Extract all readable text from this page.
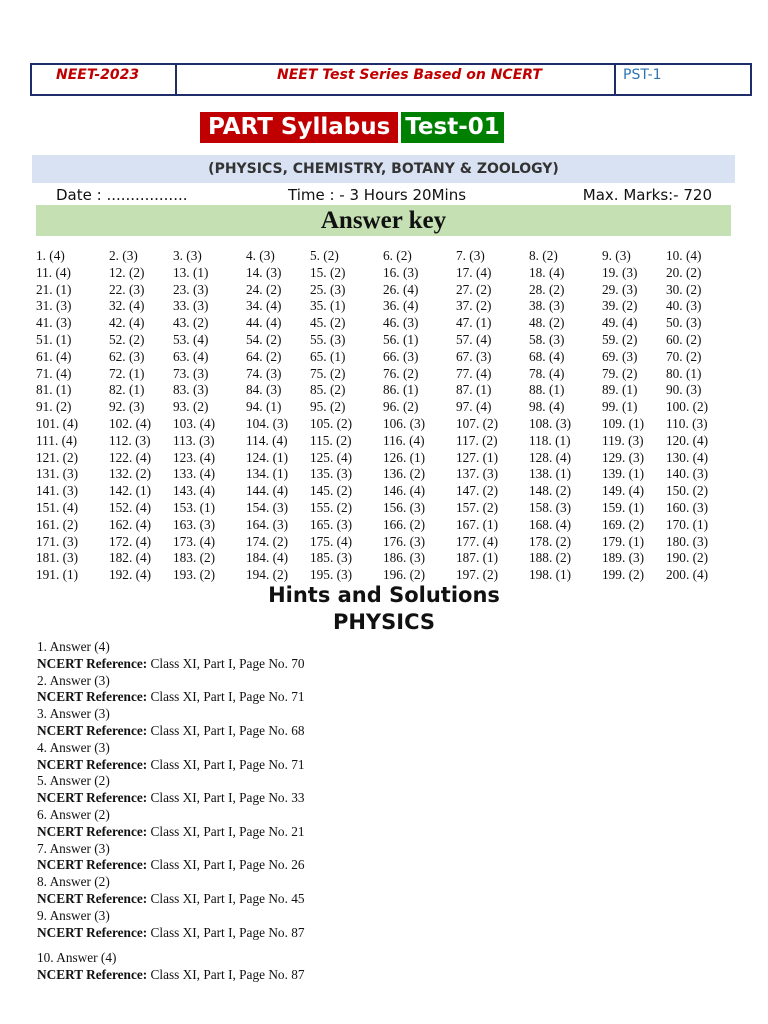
NEET-2023	NEET Test Series Based on NCERT	PST-1
PART Syllabus Test-01
(PHYSICS, CHEMISTRY, BOTANY & ZOOLOGY)
Date : .................	Time : - 3 Hours 20Mins	Max. Marks:- 720
Answer key
1. (4)	2. (3)	3. (3)	4. (3)	5. (2)	6. (2)	7. (3)	8. (2)	9. (3)	10. (4)
11. (4)	12. (2) 13. (1)	14. (3) 15. (2)	16. (3)	17. (4)	18. (4)	19. (3) 20. (2)
21. (1)	22. (3) 23. (3)	24. (2) 25. (3)	26. (4)	27. (2)	28. (2)	29. (3) 30. (2)
31. (3)	32. (4) 33. (3)	34. (4) 35. (1)	36. (4)	37. (2)	38. (3)	39. (2) 40. (3)
41. (3)	42. (4) 43. (2)	44. (4) 45. (2)	46. (3)	47. (1)	48. (2)	49. (4) 50. (3)
51. (1)	52. (2) 53. (4)	54. (2) 55. (3)	56. (1)	57. (4)	58. (3)	59. (2) 60. (2)
61. (4)	62. (3) 63. (4)	64. (2) 65. (1)	66. (3)	67. (3)	68. (4)	69. (3) 70. (2)
71. (4)	72. (1) 73. (3)	74. (3) 75. (2)	76. (2)	77. (4)	78. (4)	79. (2) 80. (1)
81. (1)	82. (1) 83. (3)	84. (3) 85. (2)	86. (1)	87. (1)	88. (1)	89. (1) 90. (3)
91. (2)	92. (3) 93. (2)	94. (1) 95. (2)	96. (2)	97. (4)	98. (4)	99. (1) 100. (2)
101. (4) 102. (4) 103. (4) 104. (3) 105. (2) 106. (3) 107. (2) 108. (3) 109. (1) 110. (3)
111. (4) 112. (3) 113. (3) 114. (4) 115. (2) 116. (4) 117. (2) 118. (1) 119. (3) 120. (4)
121. (2) 122. (4) 123. (4) 124. (1) 125. (4) 126. (1) 127. (1) 128. (4) 129. (3) 130. (4)
131. (3) 132. (2) 133. (4) 134. (1) 135. (3) 136. (2) 137. (3) 138. (1) 139. (1) 140. (3)
141. (3) 142. (1) 143. (4) 144. (4) 145. (2) 146. (4) 147. (2) 148. (2) 149. (4) 150. (2)
151. (4) 152. (4) 153. (1) 154. (3) 155. (2) 156. (3) 157. (2) 158. (3) 159. (1) 160. (3)
161. (2) 162. (4) 163. (3) 164. (3) 165. (3) 166. (2) 167. (1) 168. (4) 169. (2) 170. (1)
171. (3) 172. (4) 173. (4) 174. (2) 175. (4) 176. (3) 177. (4) 178. (2) 179. (1) 180. (3)
181. (3) 182. (4) 183. (2) 184. (4) 185. (3) 186. (3) 187. (1) 188. (2) 189. (3) 190. (2)
191. (1) 192. (4) 193. (2) 194. (2) 195. (3) 196. (2) 197. (2) 198. (1) 199. (2) 200. (4)
Hints and Solutions
PHYSICS
1. Answer (4)
NCERT Reference: Class XI, Part I, Page No. 70
2. Answer (3)
NCERT Reference: Class XI, Part I, Page No. 71
3. Answer (3)
NCERT Reference: Class XI, Part I, Page No. 68
4. Answer (3)
NCERT Reference: Class XI, Part I, Page No. 71
5. Answer (2)
NCERT Reference: Class XI, Part I, Page No. 33
6. Answer (2)
NCERT Reference: Class XI, Part I, Page No. 21
7. Answer (3)
NCERT Reference: Class XI, Part I, Page No. 26
8. Answer (2)
NCERT Reference: Class XI, Part I, Page No. 45
9. Answer (3)
NCERT Reference: Class XI, Part I, Page No. 87
10. Answer (4)
NCERT Reference: Class XI, Part I, Page No. 87
